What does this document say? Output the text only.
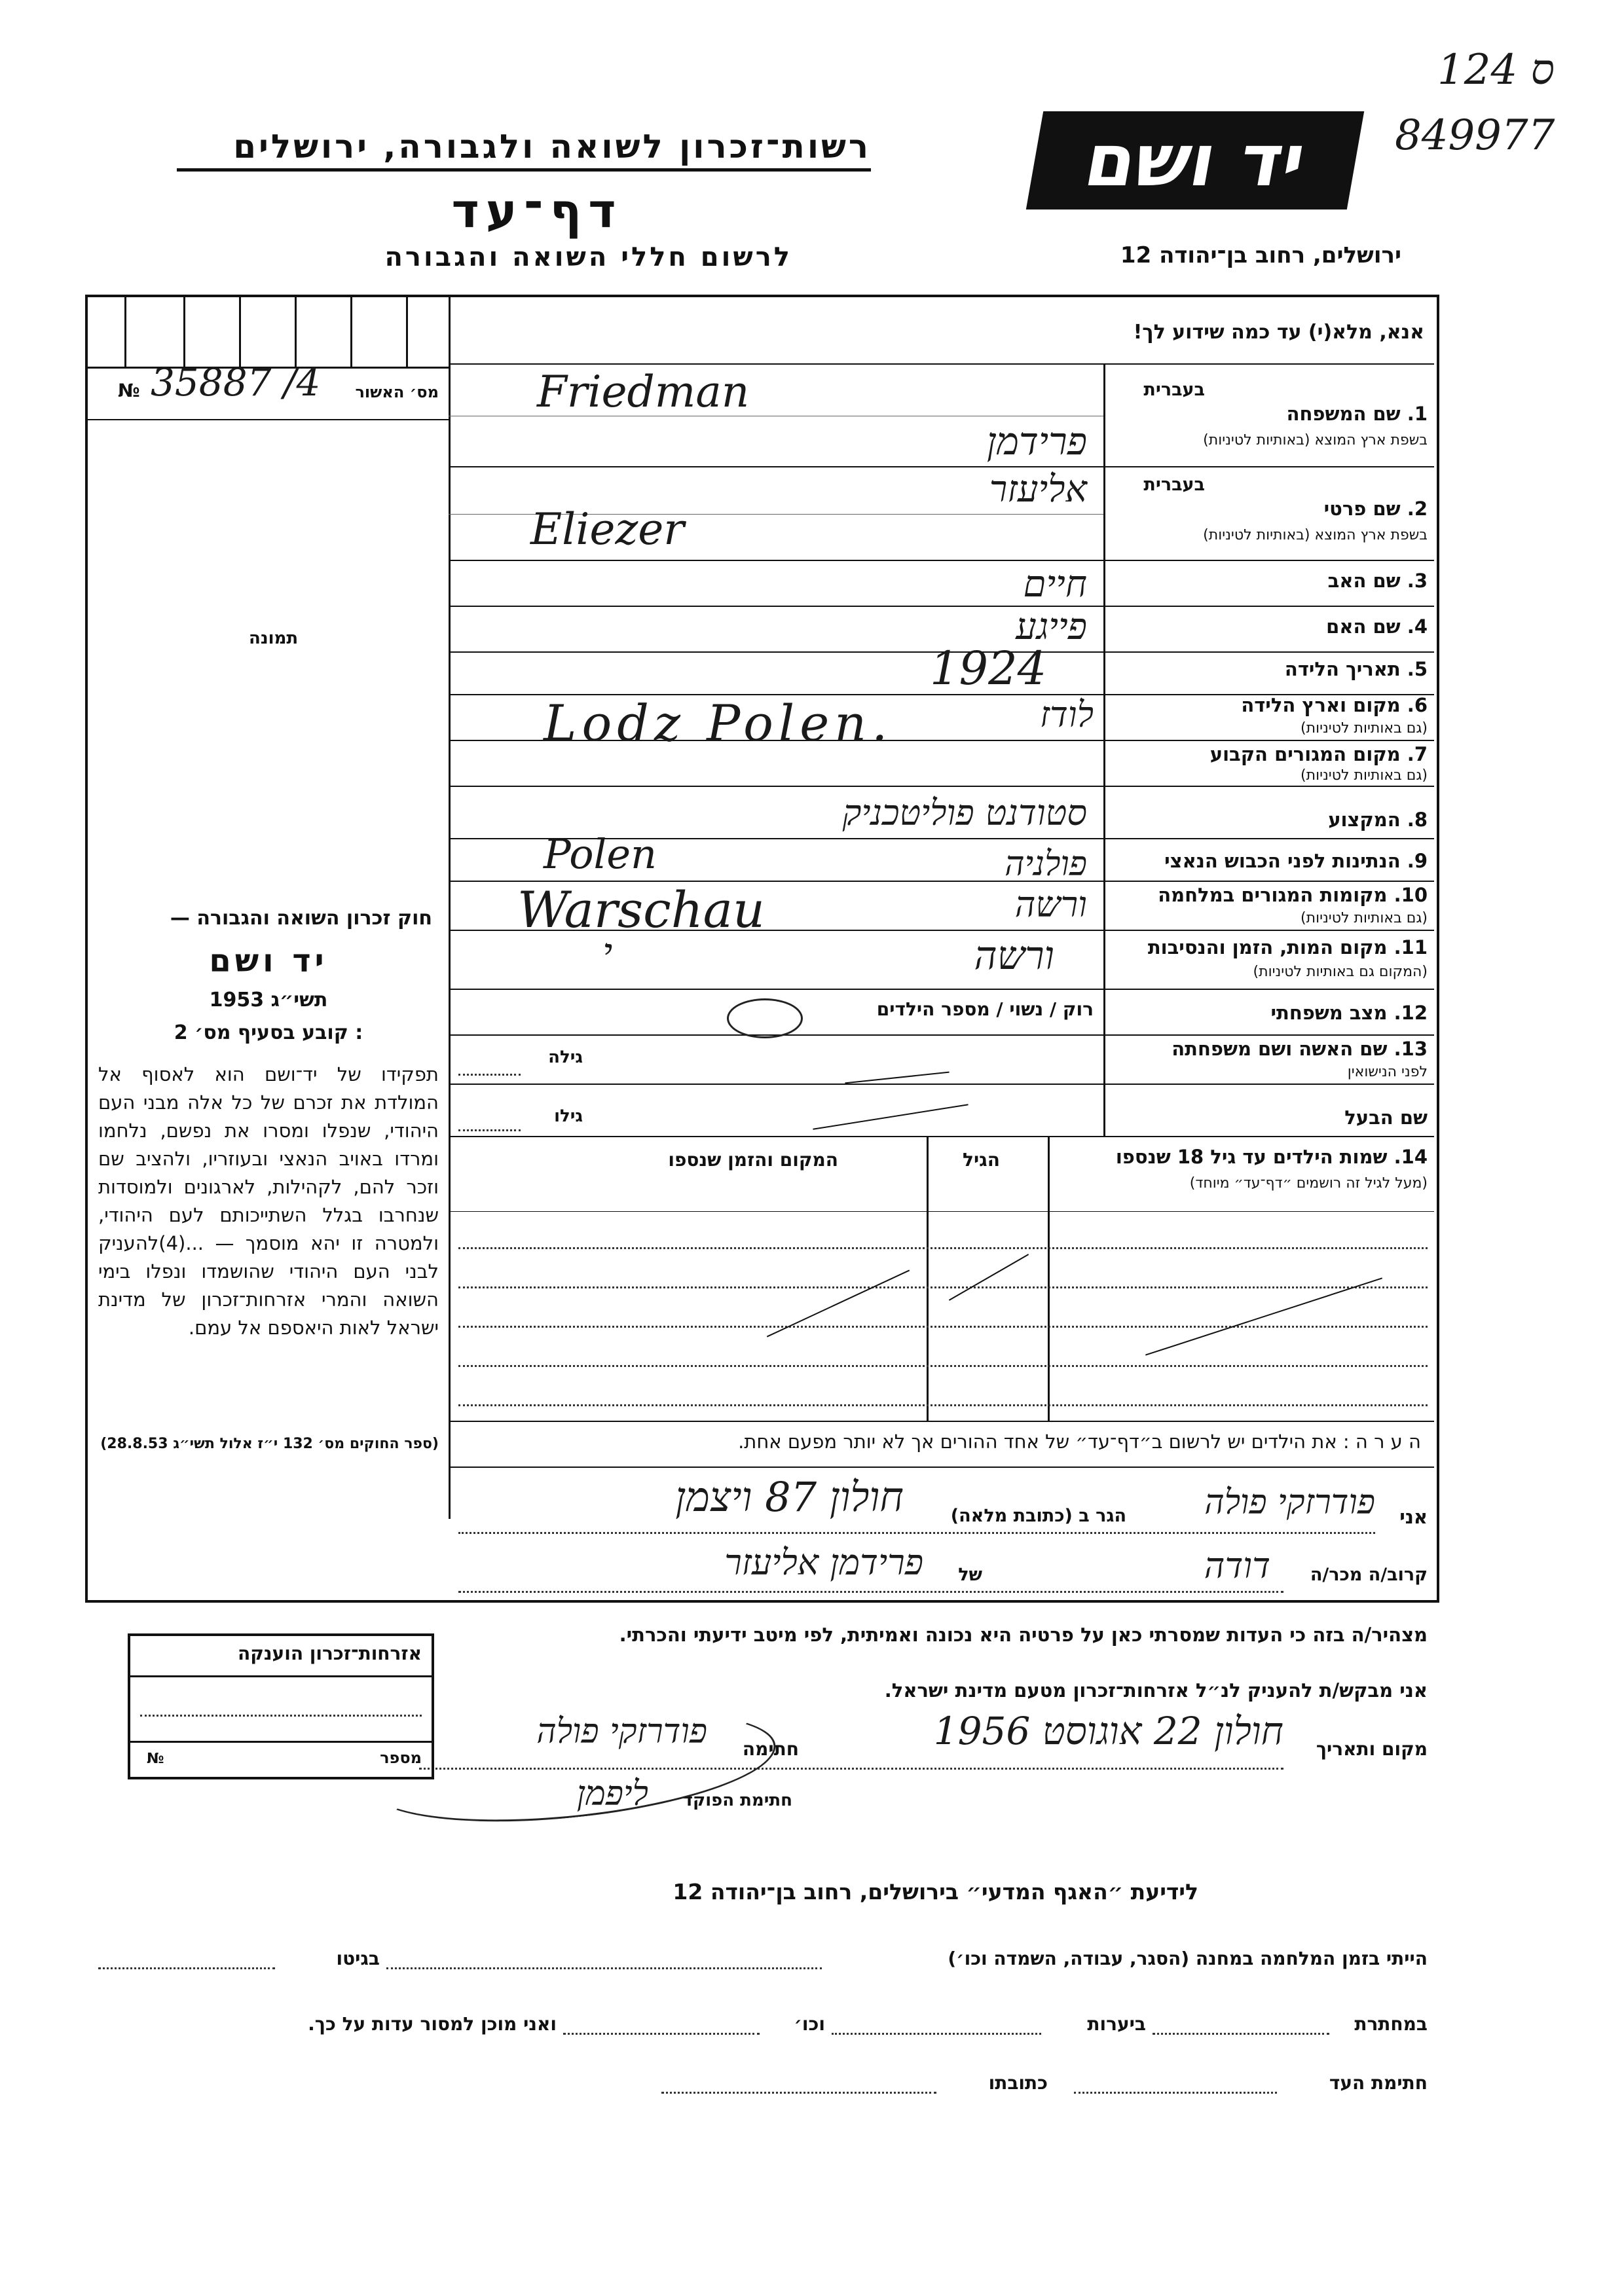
124 ס
849977
רשות־זכרון לשואה ולגבורה, ירושלים	יד ושם
דף־עד
לרשום חללי השואה והגבורה	ירושלים, רחוב בן־יהודה 12
№ 35887 /4 מס׳ האשור
תמונה
חוק זכרון השואה והגבורה —
יד ושם
תשי״ג 1953
קובע בסעיף מס׳ 2 :
תפקידו של יד־ושם הוא לאסוף אל המולדת את זכרם של כל אלה מבני העם היהודי, שנפלו ומסרו את נפשם, נלחמו ומרדו באויב הנאצי ובעוזריו, ולהציב שם וזכר להם, לקהילות, לארגונים ולמוסדות שנחרבו בגלל השתייכותם לעם היהודי, ולמטרה זו יהא מוסמך — ...(4)להעניק לבני העם היהודי שהושמדו ונפלו בימי השואה והמרי אזרחות־זכרון של מדינת ישראל לאות היאספם אל עמם.
(ספר החוקים מס׳ 132 י״ז אלול תשי״ג 28.8.53)
אנא, מלא(י) עד כמה שידוע לך!
בעברית
1. שם המשפחה
בשפת ארץ המוצא (באותיות לטיניות)
Friedman
פרידמן
בעברית
2. שם פרטי
בשפת ארץ המוצא (באותיות לטיניות)
אליעזר
Eliezer
3. שם האב
חיים
4. שם האם
פייגע
5. תאריך הלידה
1924
6. מקום וארץ הלידה
(גם באותיות לטיניות)
Lodz Polen.	לודז
7. מקום המגורים הקבוע
(גם באותיות לטיניות)
8. המקצוע
סטודנט פוליטכניק
9. הנתינות לפני הכבוש הנאצי
Polen	פולניה
10. מקומות המגורים במלחמה
(גם באותיות לטיניות)
Warschau	ורשה
11. מקום המות, הזמן והנסיבות
(המקום גם באותיות לטיניות)
ורשה
י
12. מצב משפחתי
רוק / נשוי / מספר הילדים
13. שם האשה ושם משפחתה
לפני הנישואין
גילה
שם הבעל
גילו
14. שמות הילדים עד גיל 18 שנספו
(מעל לגיל זה רושמים ״דף־עד״ מיוחד)
הגיל
המקום והזמן שנספו
ה ע ר ה : את הילדים יש לרשום ב״דף־עד״ של אחד ההורים אך לא יותר מפעם אחת.
אני
פודרזקי פולה
הגר ב (כתובת מלאה)
חולון 87 ויצמן
קרוב/ה מכר/ה
דודה
של
פרידמן אליעזר
מצהיר/ה בזה כי העדות שמסרתי כאן על פרטיה היא נכונה ואמיתית, לפי מיטב ידיעתי והכרתי.
אני מבקש/ת להעניק לנ״ל אזרחות־זכרון מטעם מדינת ישראל.
מקום ותאריך
חולון 22 אוגוסט 1956
חתימה
פודרזקי פולה
חתימת הפוקד
ליפמן
אזרחות־זכרון הוענקה
№	מספר
לידיעת ״האגף המדעי״ בירושלים, רחוב בן־יהודה 12
הייתי בזמן המלחמה במחנה (הסגר, עבודה, השמדה וכו׳)
בגיטו
במחתרת
ביערות
וכו׳
ואני מוכן למסור עדות על כך.
חתימת העד
כתובתו
